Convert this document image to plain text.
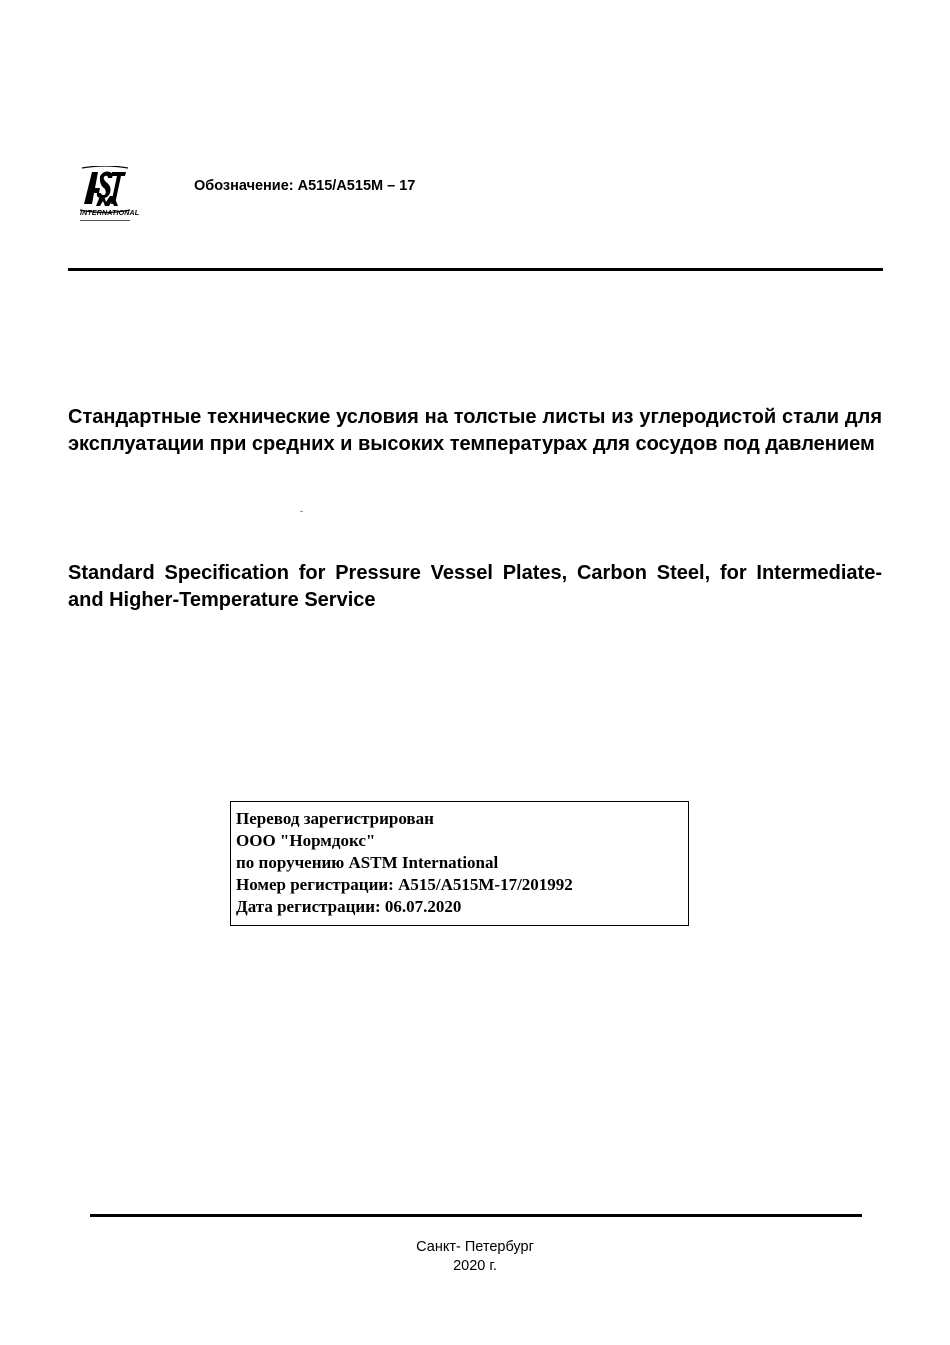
INTERNATIONAL
Обозначение: A515/A515M – 17
Стандартные технические условия на толстые листы из углеродистой стали для эксплуатации при средних и высоких температурах для сосудов под давлением
Standard Specification for Pressure Vessel Plates, Carbon Steel, for Intermediate- and Higher-Temperature Service
Перевод зарегистрирован
ООО "Нормдокс"
по поручению ASTM International
Номер регистрации: A515/A515M-17/201992
Дата регистрации: 06.07.2020
Санкт- Петербург
2020 г.
